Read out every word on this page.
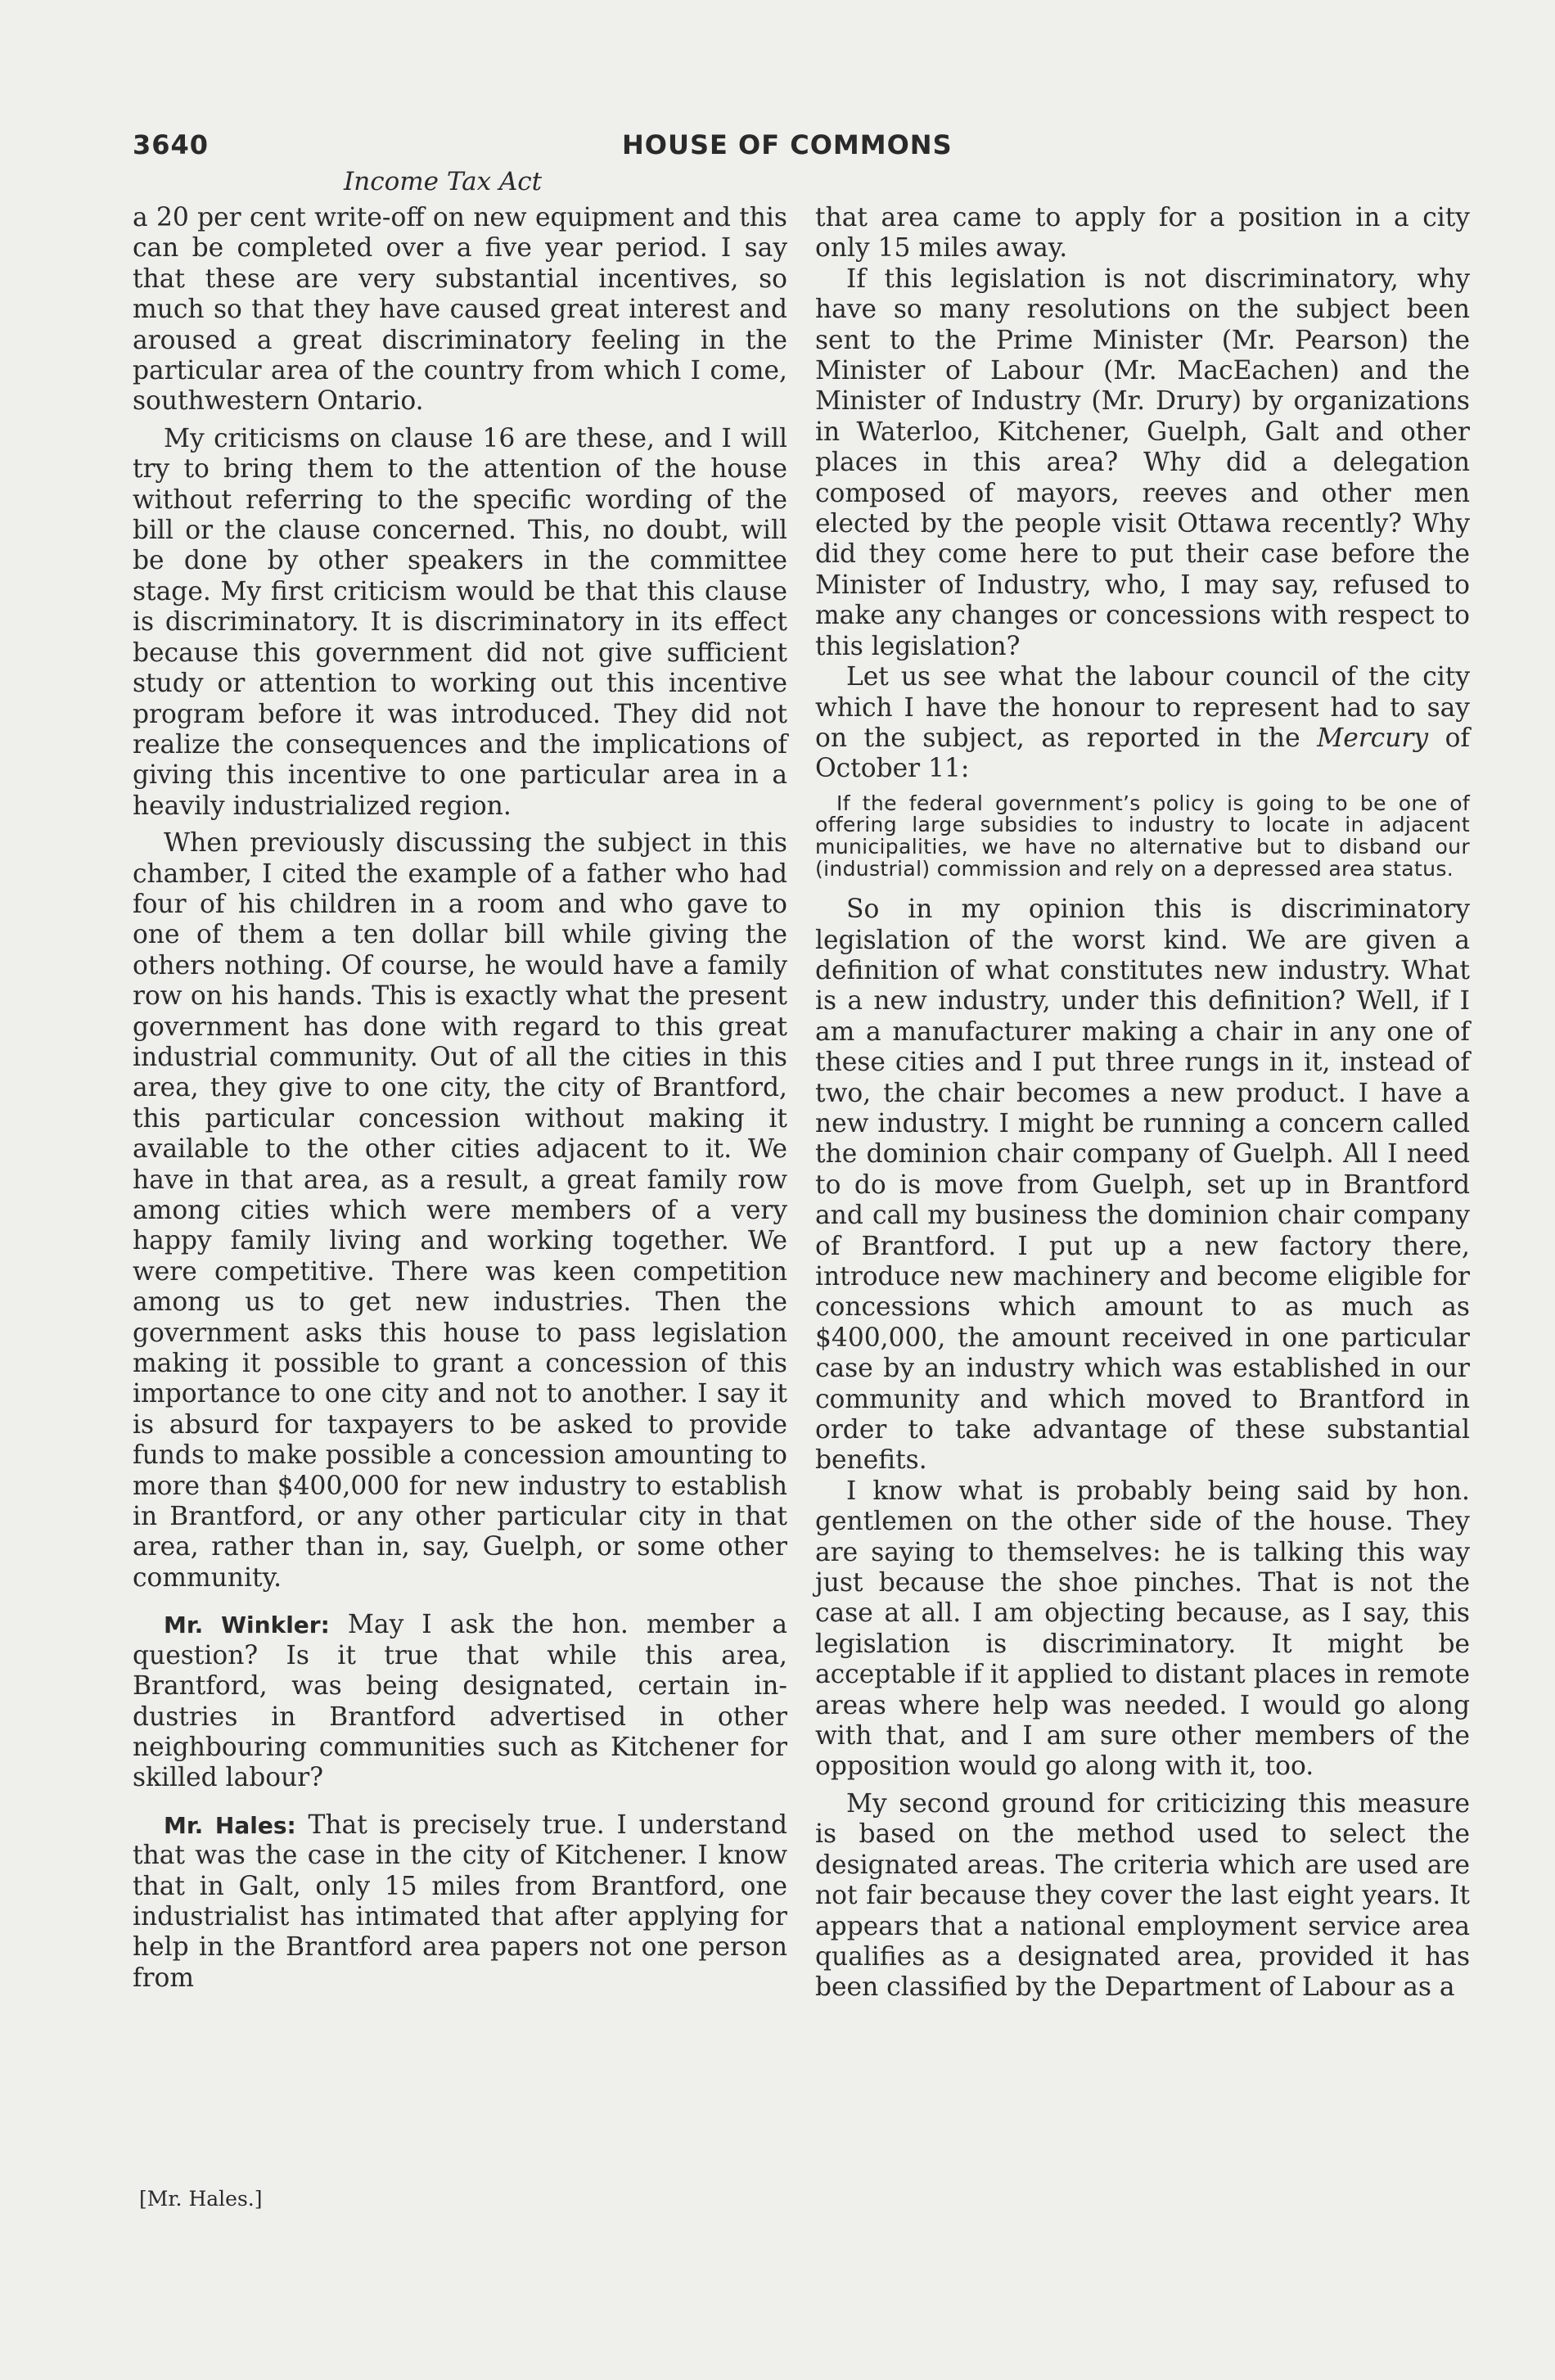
3640	HOUSE OF COMMONS
Income Tax Act

a 20 per cent write-off on new equipment and this can be completed over a five year period. I say that these are very substantial incentives, so much so that they have caused great interest and aroused a great discriminatory feeling in the particular area of the country from which I come, southwestern Ontario.

My criticisms on clause 16 are these, and I will try to bring them to the attention of the house without referring to the specific wording of the bill or the clause concerned. This, no doubt, will be done by other speakers in the committee stage. My first criticism would be that this clause is discriminatory. It is discriminatory in its effect because this government did not give sufficient study or attention to working out this incentive program before it was introduced. They did not realize the consequences and the implications of giving this incentive to one particular area in a heavily industrialized region.

When previously discussing the subject in this chamber, I cited the example of a father who had four of his children in a room and who gave to one of them a ten dollar bill while giving the others nothing. Of course, he would have a family row on his hands. This is exactly what the present government has done with regard to this great industrial community. Out of all the cities in this area, they give to one city, the city of Brantford, this particular concession without making it available to the other cities adjacent to it. We have in that area, as a result, a great family row among cities which were members of a very happy family living and working together. We were competitive. There was keen competition among us to get new industries. Then the government asks this house to pass legislation making it possible to grant a concession of this importance to one city and not to another. I say it is absurd for taxpayers to be asked to provide funds to make possible a concession amounting to more than $400,000 for new industry to establish in Brantford, or any other particular city in that area, rather than in, say, Guelph, or some other community.

Mr. Winkler: May I ask the hon. member a question? Is it true that while this area, Brantford, was being designated, certain industries in Brantford advertised in other neighbouring communities such as Kitchener for skilled labour?

Mr. Hales: That is precisely true. I understand that was the case in the city of Kitchener. I know that in Galt, only 15 miles from Brantford, one industrialist has intimated that after applying for help in the Brantford area papers not one person from

that area came to apply for a position in a city only 15 miles away.

If this legislation is not discriminatory, why have so many resolutions on the subject been sent to the Prime Minister (Mr. Pearson) the Minister of Labour (Mr. MacEachen) and the Minister of Industry (Mr. Drury) by organizations in Waterloo, Kitchener, Guelph, Galt and other places in this area? Why did a delegation composed of mayors, reeves and other men elected by the people visit Ottawa recently? Why did they come here to put their case before the Minister of Industry, who, I may say, refused to make any changes or concessions with respect to this legislation?

Let us see what the labour council of the city which I have the honour to represent had to say on the subject, as reported in the Mercury of October 11:

If the federal government’s policy is going to be one of offering large subsidies to industry to locate in adjacent municipalities, we have no alternative but to disband our (industrial) commission and rely on a depressed area status.

So in my opinion this is discriminatory legislation of the worst kind. We are given a definition of what constitutes new industry. What is a new industry, under this definition? Well, if I am a manufacturer making a chair in any one of these cities and I put three rungs in it, instead of two, the chair becomes a new product. I have a new industry. I might be running a concern called the dominion chair company of Guelph. All I need to do is move from Guelph, set up in Brantford and call my business the dominion chair company of Brantford. I put up a new factory there, introduce new machinery and become eligible for concessions which amount to as much as $400,000, the amount received in one particular case by an industry which was established in our community and which moved to Brantford in order to take advantage of these substantial benefits.

I know what is probably being said by hon. gentlemen on the other side of the house. They are saying to themselves: he is talking this way just because the shoe pinches. That is not the case at all. I am objecting because, as I say, this legislation is discriminatory. It might be acceptable if it applied to distant places in remote areas where help was needed. I would go along with that, and I am sure other members of the opposition would go along with it, too.

My second ground for criticizing this measure is based on the method used to select the designated areas. The criteria which are used are not fair because they cover the last eight years. It appears that a national employment service area qualifies as a designated area, provided it has been classified by the Department of Labour as a

[Mr. Hales.]
